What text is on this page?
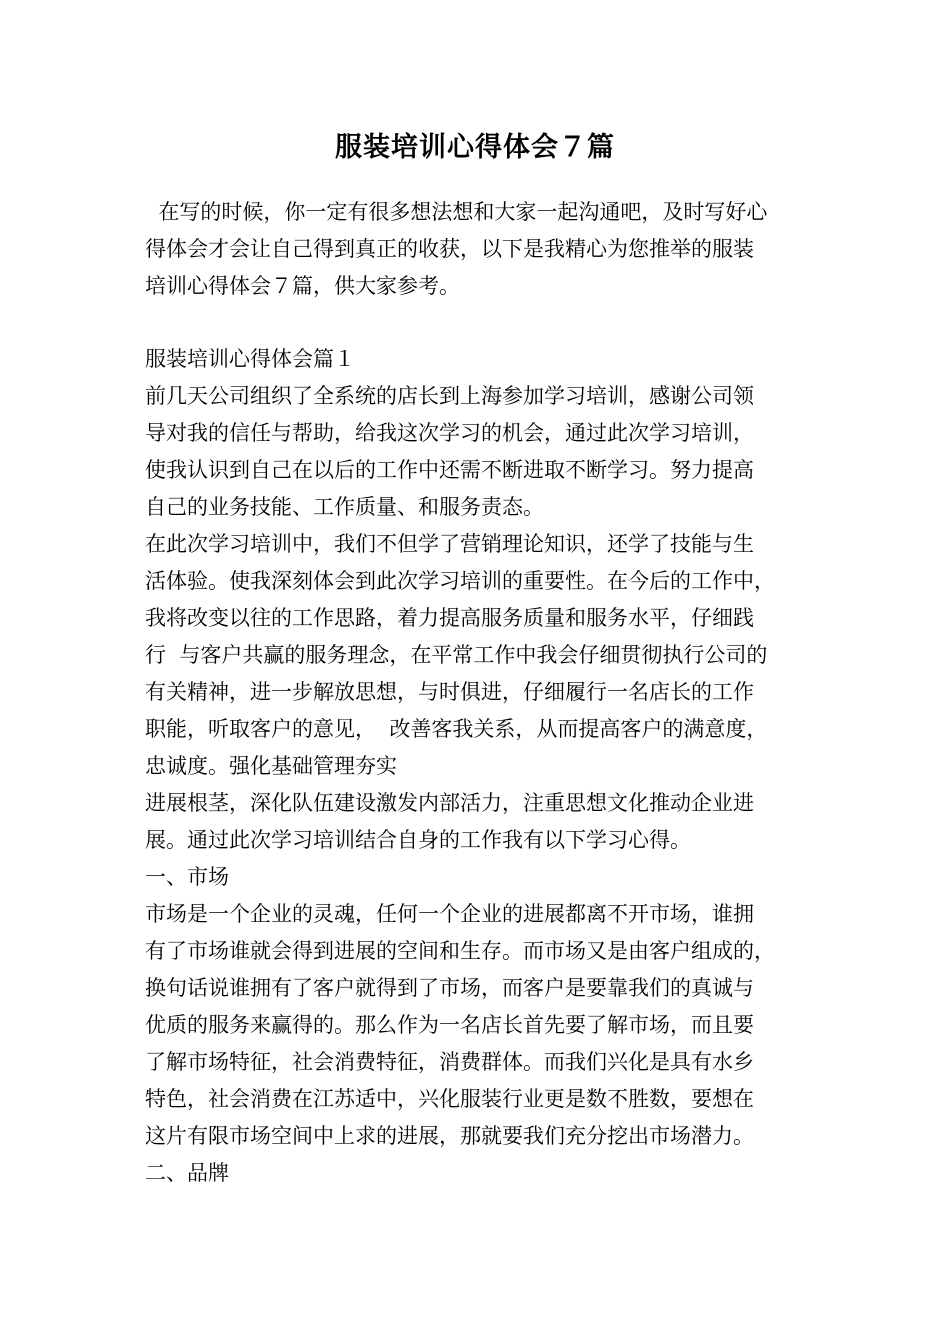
服装培训心得体会７篇
在写的时候，你一定有很多想法想和大家一起沟通吧，及时写好心
得体会才会让自己得到真正的收获，以下是我精心为您推举的服装
培训心得体会７篇，供大家参考。
服装培训心得体会篇１
前几天公司组织了全系统的店长到上海参加学习培训，感谢公司领
导对我的信任与帮助，给我这次学习的机会，通过此次学习培训，
使我认识到自己在以后的工作中还需不断进取不断学习。努力提高
自己的业务技能、工作质量、和服务责态。
在此次学习培训中，我们不但学了营销理论知识，还学了技能与生
活体验。使我深刻体会到此次学习培训的重要性。在今后的工作中，
我将改变以往的工作思路，着力提高服务质量和服务水平，仔细践
行  与客户共赢的服务理念，在平常工作中我会仔细贯彻执行公司的
有关精神，进一步解放思想，与时俱进，仔细履行一名店长的工作
职能，听取客户的意见，  改善客我关系，从而提高客户的满意度，
忠诚度。强化基础管理夯实
进展根茎，深化队伍建设激发内部活力，注重思想文化推动企业进
展。通过此次学习培训结合自身的工作我有以下学习心得。
一、市场
市场是一个企业的灵魂，任何一个企业的进展都离不开市场，谁拥
有了市场谁就会得到进展的空间和生存。而市场又是由客户组成的，
换句话说谁拥有了客户就得到了市场，而客户是要靠我们的真诚与
优质的服务来赢得的。那么作为一名店长首先要了解市场，而且要
了解市场特征，社会消费特征，消费群体。而我们兴化是具有水乡
特色，社会消费在江苏适中，兴化服装行业更是数不胜数，要想在
这片有限市场空间中上求的进展，那就要我们充分挖出市场潜力。
二、品牌
